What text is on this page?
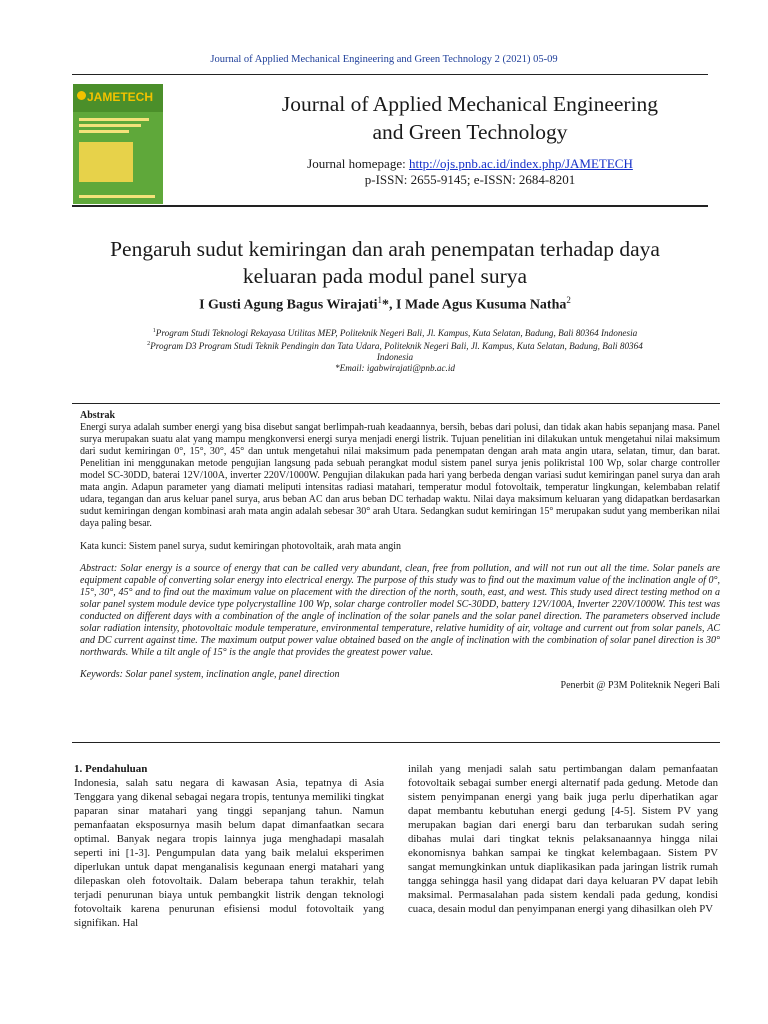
Journal of Applied Mechanical Engineering and Green Technology 2 (2021) 05-09
JAMETECH	Journal of Applied Mechanical Engineering
and Green Technology
Journal homepage: http://ojs.pnb.ac.id/index.php/JAMETECH
p-ISSN: 2655-9145; e-ISSN: 2684-8201
Pengaruh sudut kemiringan dan arah penempatan terhadap daya
keluaran pada modul panel surya
I Gusti Agung Bagus Wirajati$^1$*, I Made Agus Kusuma Natha$^2$
$^1$Program Studi Teknologi Rekayasa Utilitas MEP, Politeknik Negeri Bali, Jl. Kampus, Kuta Selatan, Badung, Bali 80364 Indonesia
$^2$Program D3 Program Studi Teknik Pendingin dan Tata Udara, Politeknik Negeri Bali, Jl. Kampus, Kuta Selatan, Badung, Bali 80364
Indonesia
*Email: igabwirajati@pnb.ac.id

Abstrak

Energi surya adalah sumber energi yang bisa disebut sangat berlimpah-ruah keadaannya, bersih, bebas dari polusi, dan tidak akan habis sepanjang masa. Panel surya merupakan suatu alat yang mampu mengkonversi energi surya menjadi energi listrik. Tujuan penelitian ini dilakukan untuk mengetahui nilai maksimum dari sudut kemiringan 0°, 15°, 30°, 45° dan untuk mengetahui nilai maksimum pada penempatan dengan arah mata angin utara, selatan, timur, dan barat. Penelitian ini menggunakan metode pengujian langsung pada sebuah perangkat modul sistem panel surya jenis polikristal 100 Wp, solar charge controller model SC-30DD, baterai 12V/100A, inverter 220V/1000W. Pengujian dilakukan pada hari yang berbeda dengan variasi sudut kemiringan panel surya dan arah mata angin. Adapun parameter yang diamati meliputi intensitas radiasi matahari, temperatur modul fotovoltaik, temperatur lingkungan, kelembaban relatif udara, tegangan dan arus keluar panel surya, arus beban AC dan arus beban DC terhadap waktu. Nilai daya maksimum keluaran yang didapatkan berdasarkan sudut kemiringan dengan kombinasi arah mata angin adalah sebesar 30° arah Utara. Sedangkan sudut kemiringan 15° merupakan sudut yang memberikan nilai daya paling besar.

Kata kunci: Sistem panel surya, sudut kemiringan photovoltaik, arah mata angin
Abstract: Solar energy is a source of energy that can be called very abundant, clean, free from pollution, and will not run out all the time. Solar panels are equipment capable of converting solar energy into electrical energy. The purpose of this study was to find out the maximum value of the inclination angle of 0°, 15°, 30°, 45° and to find out the maximum value on placement with the direction of the north, south, east, and west. This study used direct testing method on a solar panel system module device type polycrystalline 100 Wp, solar charge controller model SC-30DD, battery 12V/100A, Inverter 220V/1000W. This test was conducted on different days with a combination of the angle of inclination of the solar panels and the solar panel direction. The parameters observed include solar radiation intensity, photovoltaic module temperature, environmental temperature, relative humidity of air, voltage and current out from solar panels, AC and DC current against time. The maximum output power value obtained based on the angle of inclination with the combination of solar panel direction is 30° northwards. While a tilt angle of 15° is the angle that provides the greatest power value.
Keywords: Solar panel system, inclination angle, panel direction
Penerbit @ P3M Politeknik Negeri Bali
1. Pendahuluan
Indonesia, salah satu negara di kawasan Asia, tepatnya di Asia Tenggara yang dikenal sebagai negara tropis, tentunya memiliki tingkat paparan sinar matahari yang tinggi sepanjang tahun. Namun pemanfaatan eksposurnya masih belum dapat dimanfaatkan secara optimal. Banyak negara tropis lainnya juga menghadapi masalah seperti ini [1-3]. Pengumpulan data yang baik melalui eksperimen diperlukan untuk dapat menganalisis kegunaan energi matahari yang dilepaskan oleh fotovoltaik. Dalam beberapa tahun terakhir, telah terjadi penurunan biaya untuk pembangkit listrik dengan teknologi fotovoltaik karena penurunan efisiensi modul fotovoltaik yang signifikan. Hal
inilah yang menjadi salah satu pertimbangan dalam pemanfaatan fotovoltaik sebagai sumber energi alternatif pada gedung. Metode dan sistem penyimpanan energi yang baik juga perlu diperhatikan agar dapat membantu kebutuhan energi gedung [4-5]. Sistem PV yang merupakan bagian dari energi baru dan terbarukan sudah sering dibahas mulai dari tingkat teknis pelaksanaannya hingga nilai ekonomisnya bahkan sampai ke tingkat kelembagaan. Sistem PV sangat memungkinkan untuk diaplikasikan pada jaringan listrik rumah tangga sehingga hasil yang didapat dari daya keluaran PV dapat lebih maksimal. Permasalahan pada sistem kendali pada gedung, kondisi cuaca, desain modul dan penyimpanan energi yang dihasilkan oleh PV
